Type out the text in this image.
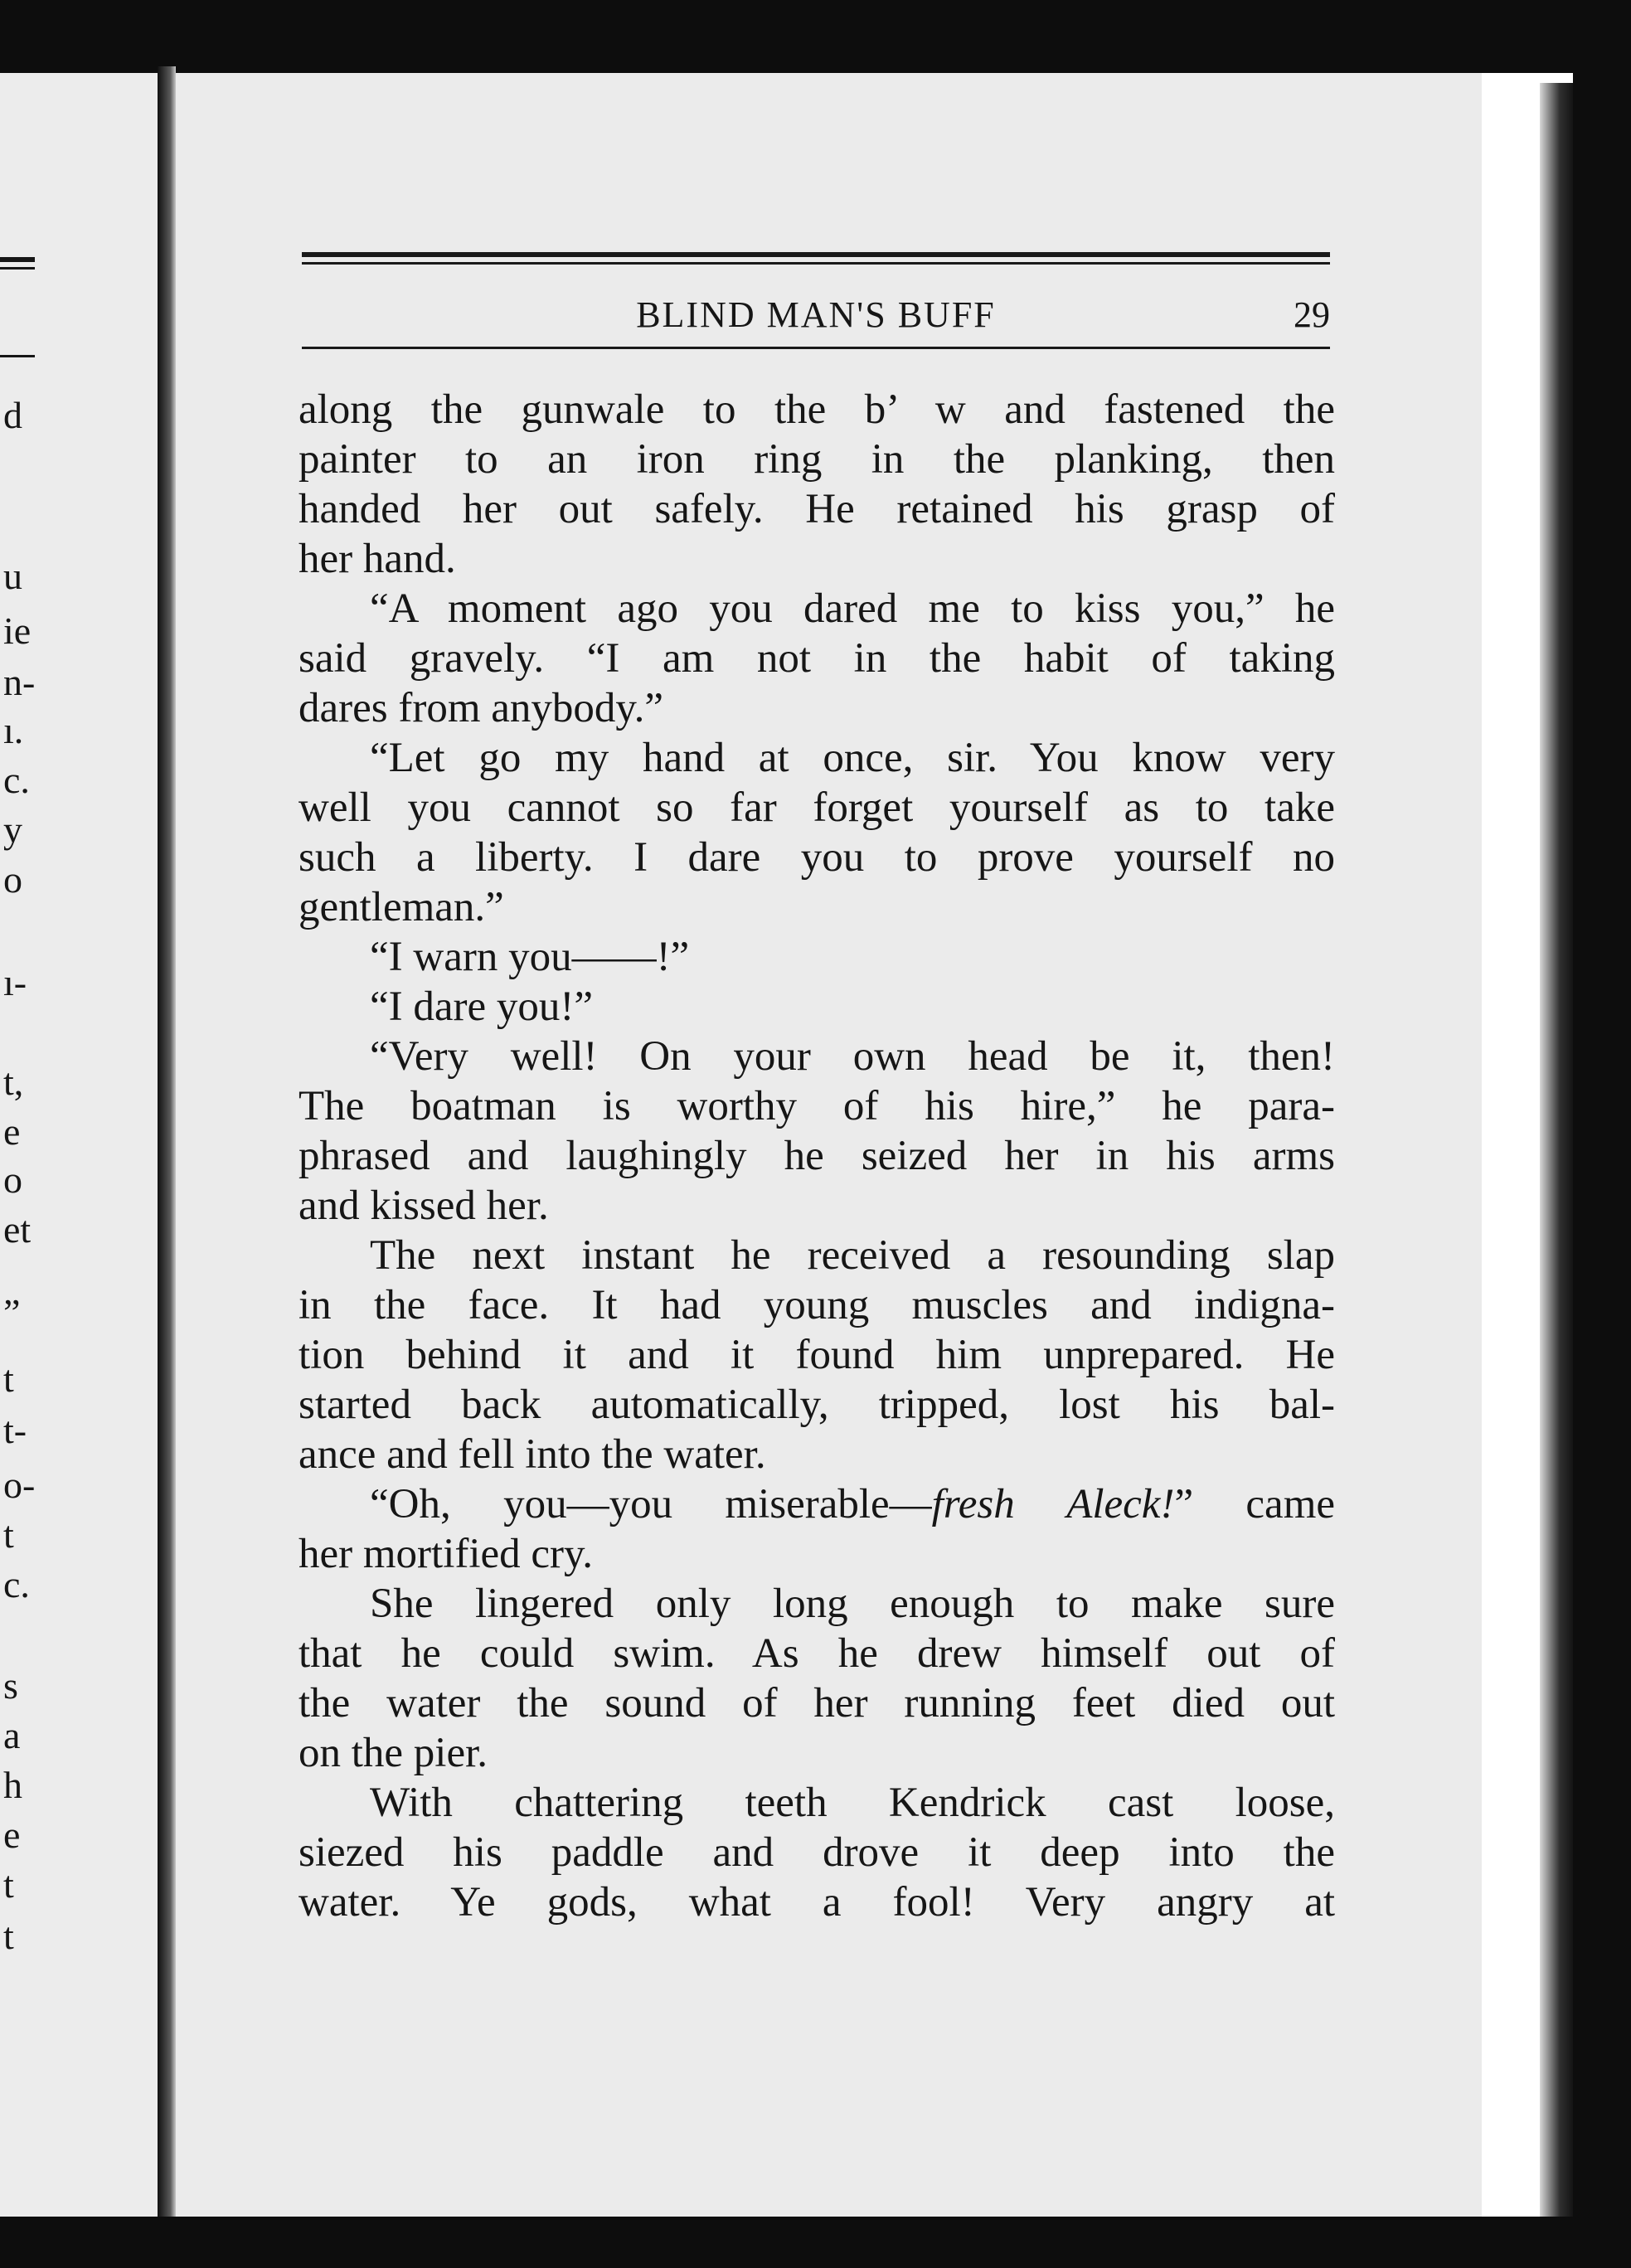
d
u
ie
n-
ı.
c.
y
o
ı-
t,
e
o
et
”
t
t-
o-
t
c.
s
a
h
e
t
t
BLIND MAN'S BUFF	29
along the gunwale to the b’ w and fastened the
painter to an iron ring in the planking, then
handed her out safely. He retained his grasp of
her hand.
“A moment ago you dared me to kiss you,” he
said gravely. “I am not in the habit of taking
dares from anybody.”
“Let go my hand at once, sir. You know very
well you cannot so far forget yourself as to take
such a liberty. I dare you to prove yourself no
gentleman.”
“I warn you——!”
“I dare you!”
“Very well! On your own head be it, then!
The boatman is worthy of his hire,” he para-
phrased and laughingly he seized her in his arms
and kissed her.
The next instant he received a resounding slap
in the face. It had young muscles and indigna-
tion behind it and it found him unprepared. He
started back automatically, tripped, lost his bal-
ance and fell into the water.
“Oh, you—you miserable—fresh Aleck!” came
her mortified cry.
She lingered only long enough to make sure
that he could swim. As he drew himself out of
the water the sound of her running feet died out
on the pier.
With chattering teeth Kendrick cast loose,
siezed his paddle and drove it deep into the
water. Ye gods, what a fool! Very angry at
